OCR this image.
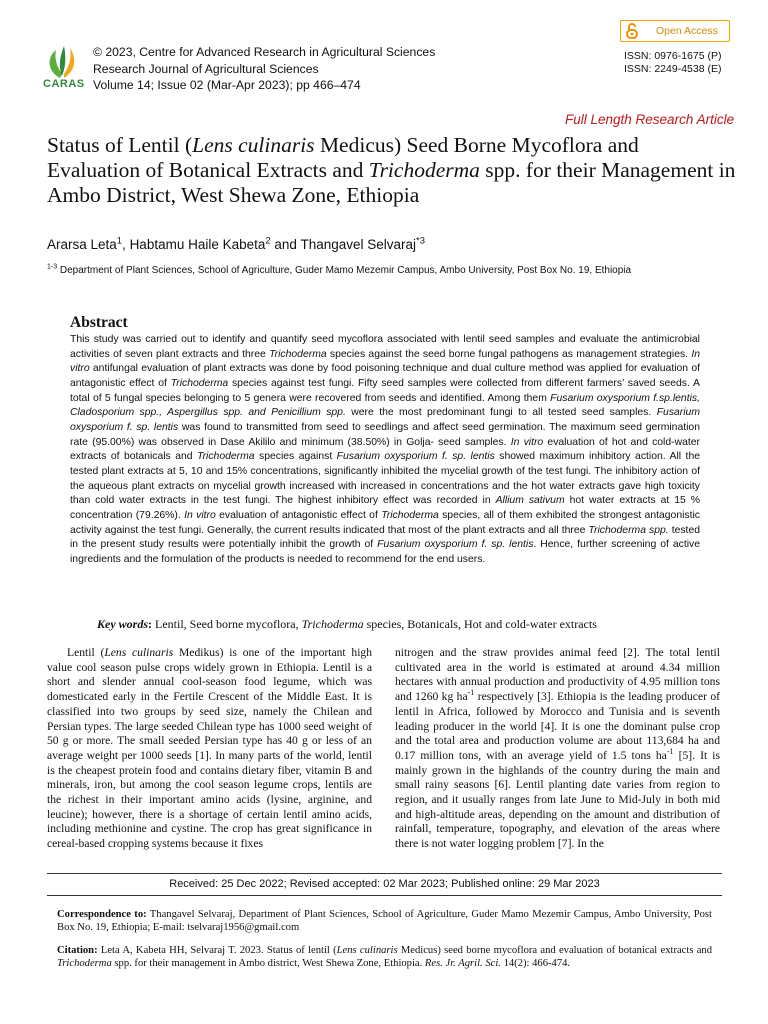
CARAS
© 2023, Centre for Advanced Research in Agricultural Sciences
Research Journal of Agricultural Sciences
Volume 14; Issue 02 (Mar-Apr 2023); pp 466–474
Open Access
ISSN: 0976-1675 (P)
ISSN: 2249-4538 (E)
Full Length Research Article
Status of Lentil (Lens culinaris Medicus) Seed Borne Mycoflora and Evaluation of Botanical Extracts and Trichoderma spp. for their Management in Ambo District, West Shewa Zone, Ethiopia
Ararsa Leta$^1$, Habtamu Haile Kabeta$^2$ and Thangavel Selvaraj$^{*3}$
$^{1-3}$ Department of Plant Sciences, School of Agriculture, Guder Mamo Mezemir Campus, Ambo University, Post Box No. 19, Ethiopia
Abstract
This study was carried out to identify and quantify seed mycoflora associated with lentil seed samples and evaluate the antimicrobial activities of seven plant extracts and three Trichoderma species against the seed borne fungal pathogens as management strategies. In vitro antifungal evaluation of plant extracts was done by food poisoning technique and dual culture method was applied for evaluation of antagonistic effect of Trichoderma species against test fungi. Fifty seed samples were collected from different farmers’ saved seeds. A total of 5 fungal species belonging to 5 genera were recovered from seeds and identified. Among them Fusarium oxysporium f.sp.lentis, Cladosporium spp., Aspergillus spp. and Penicillium spp. were the most predominant fungi to all tested seed samples. Fusarium oxysporium f. sp. lentis was found to transmitted from seed to seedlings and affect seed germination. The maximum seed germination rate (95.00%) was observed in Dase Akililo and minimum (38.50%) in Golja- seed samples. In vitro evaluation of hot and cold-water extracts of botanicals and Trichoderma species against Fusarium oxysporium f. sp. lentis showed maximum inhibitory action. All the tested plant extracts at 5, 10 and 15% concentrations, significantly inhibited the mycelial growth of the test fungi. The inhibitory action of the aqueous plant extracts on mycelial growth increased with increased in concentrations and the hot water extracts gave high toxicity than cold water extracts in the test fungi. The highest inhibitory effect was recorded in Allium sativum hot water extracts at 15 % concentration (79.26%). In vitro evaluation of antagonistic effect of Trichoderma species, all of them exhibited the strongest antagonistic activity against the test fungi. Generally, the current results indicated that most of the plant extracts and all three Trichoderma spp. tested in the present study results were potentially inhibit the growth of Fusarium oxysporium f. sp. lentis. Hence, further screening of active ingredients and the formulation of the products is needed to recommend for the end users.
Key words: Lentil, Seed borne mycoflora, Trichoderma species, Botanicals, Hot and cold-water extracts
Lentil (Lens culinaris Medikus) is one of the important high value cool season pulse crops widely grown in Ethiopia. Lentil is a short and slender annual cool-season food legume, which was domesticated early in the Fertile Crescent of the Middle East. It is classified into two groups by seed size, namely the Chilean and Persian types. The large seeded Chilean type has 1000 seed weight of 50 g or more. The small seeded Persian type has 40 g or less of an average weight per 1000 seeds [1]. In many parts of the world, lentil is the cheapest protein food and contains dietary fiber, vitamin B and minerals, iron, but among the cool season legume crops, lentils are the richest in their important amino acids (lysine, arginine, and leucine); however, there is a shortage of certain lentil amino acids, including methionine and cystine. The crop has great significance in cereal-based cropping systems because it fixes
nitrogen and the straw provides animal feed [2]. The total lentil cultivated area in the world is estimated at around 4.34 million hectares with annual production and productivity of 4.95 million tons and 1260 kg $ha^{-1}$ respectively [3]. Ethiopia is the leading producer of lentil in Africa, followed by Morocco and Tunisia and is seventh leading producer in the world [4]. It is one the dominant pulse crop and the total area and production volume are about 113,684 ha and 0.17 million tons, with an average yield of 1.5 tons $ha^{-1}$ [5]. It is mainly grown in the highlands of the country during the main and small rainy seasons [6]. Lentil planting date varies from region to region, and it usually ranges from late June to Mid-July in both mid and high-altitude areas, depending on the amount and distribution of rainfall, temperature, topography, and elevation of the areas where there is not water logging problem [7]. In the
Received: 25 Dec 2022; Revised accepted: 02 Mar 2023; Published online: 29 Mar 2023
Correspondence to: Thangavel Selvaraj, Department of Plant Sciences, School of Agriculture, Guder Mamo Mezemir Campus, Ambo University, Post Box No. 19, Ethiopia; E-mail: tselvaraj1956@gmail.com
Citation: Leta A, Kabeta HH, Selvaraj T. 2023. Status of lentil (Lens culinaris Medicus) seed borne mycoflora and evaluation of botanical extracts and Trichoderma spp. for their management in Ambo district, West Shewa Zone, Ethiopia. Res. Jr. Agril. Sci. 14(2): 466-474.
